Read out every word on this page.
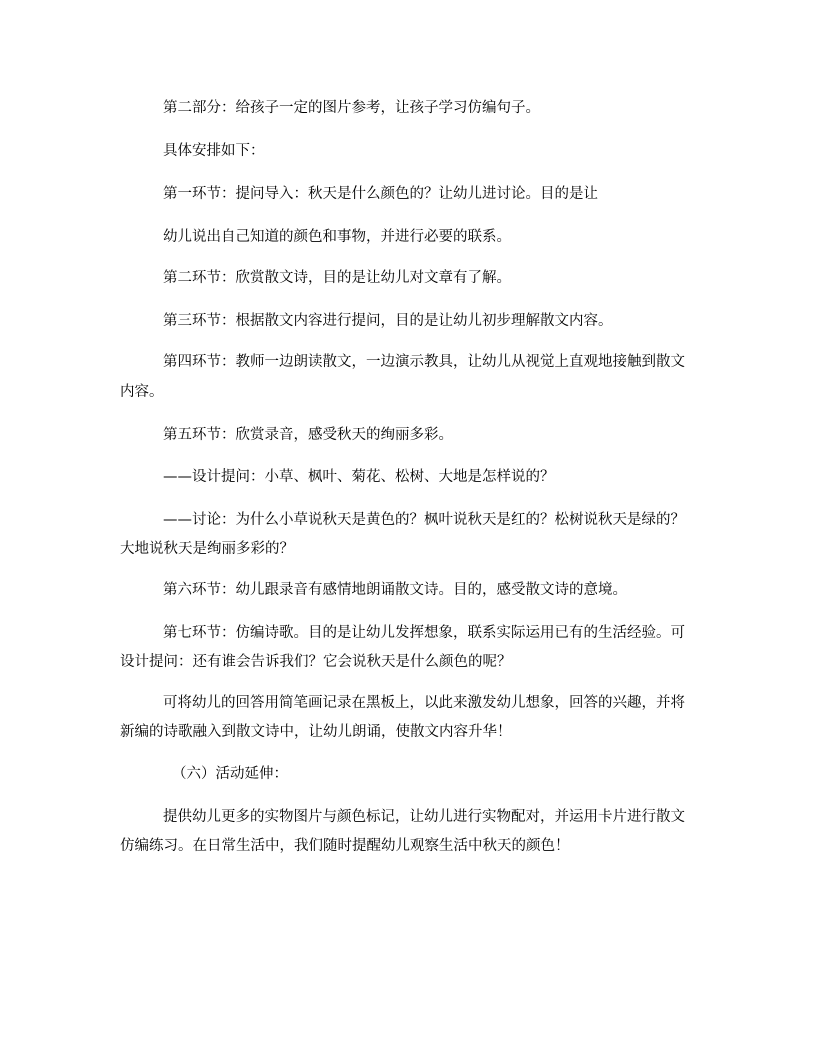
第二部分：给孩子一定的图片参考，让孩子学习仿编句子。

具体安排如下：

第一环节：提问导入：秋天是什么颜色的？让幼儿进讨论。目的是让

幼儿说出自己知道的颜色和事物，并进行必要的联系。

第二环节：欣赏散文诗，目的是让幼儿对文章有了解。

第三环节：根据散文内容进行提问，目的是让幼儿初步理解散文内容。

第四环节：教师一边朗读散文，一边演示教具，让幼儿从视觉上直观地接触到散文

内容。

第五环节：欣赏录音，感受秋天的绚丽多彩。

——设计提问：小草、枫叶、菊花、松树、大地是怎样说的？

——讨论：为什么小草说秋天是黄色的？枫叶说秋天是红的？松树说秋天是绿的？

大地说秋天是绚丽多彩的？

第六环节：幼儿跟录音有感情地朗诵散文诗。目的，感受散文诗的意境。

第七环节：仿编诗歌。目的是让幼儿发挥想象，联系实际运用已有的生活经验。可

设计提问：还有谁会告诉我们？它会说秋天是什么颜色的呢？

可将幼儿的回答用简笔画记录在黑板上，以此来激发幼儿想象，回答的兴趣，并将

新编的诗歌融入到散文诗中，让幼儿朗诵，使散文内容升华！

（六）活动延伸：

提供幼儿更多的实物图片与颜色标记，让幼儿进行实物配对，并运用卡片进行散文

仿编练习。在日常生活中，我们随时提醒幼儿观察生活中秋天的颜色！
